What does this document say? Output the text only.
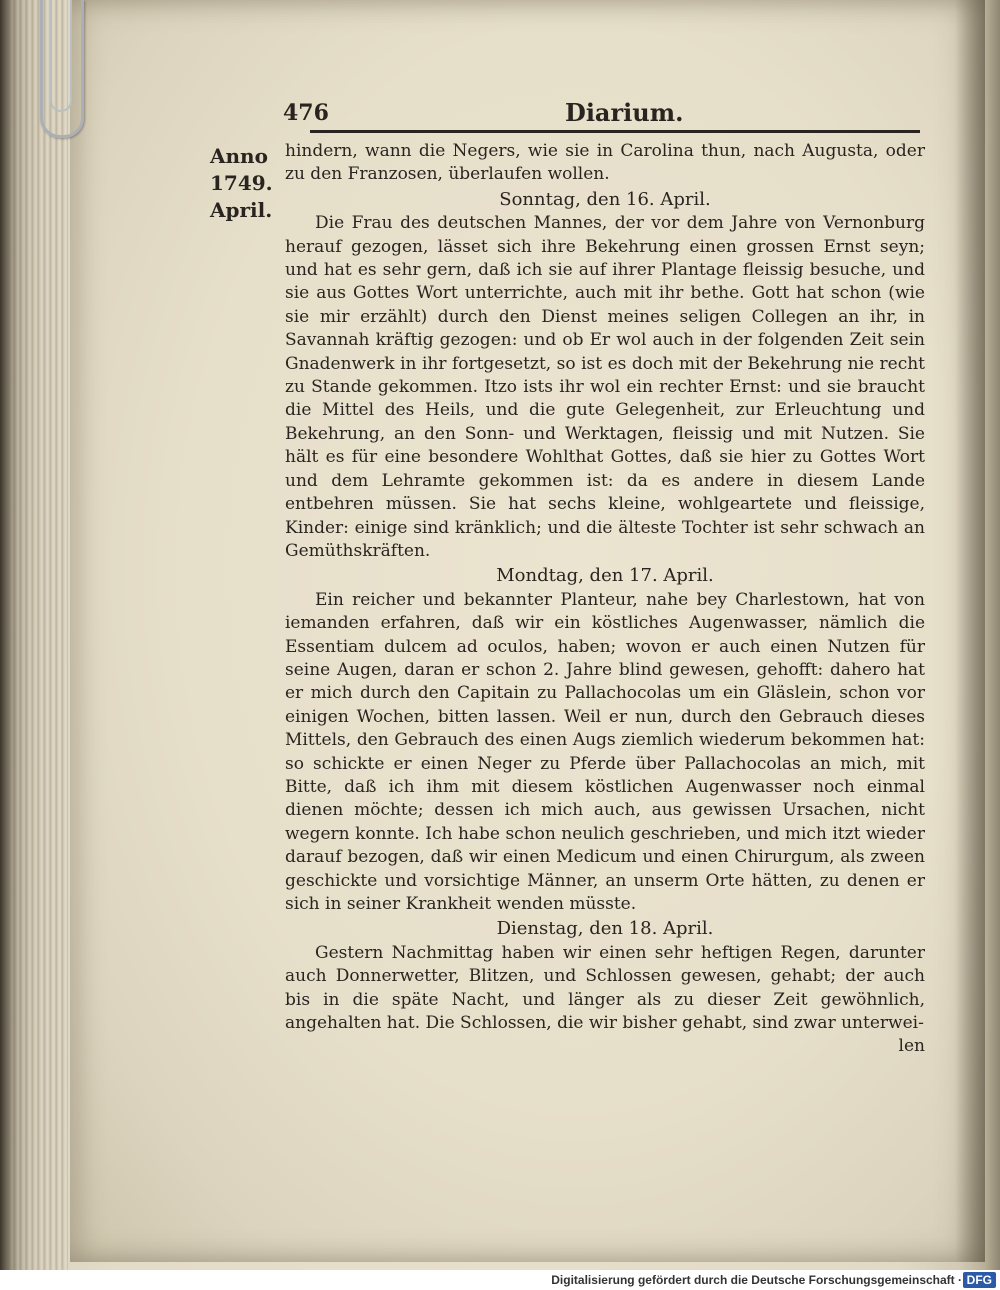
476	Diarium.
Anno
1749.
April.

hindern, wann die Negers, wie sie in Carolina thun, nach Augusta, oder zu den Franzosen, überlaufen wollen.

Sonntag, den 16. April.

Die Frau des deutschen Mannes, der vor dem Jahre von Vernonburg herauf gezogen, lässet sich ihre Bekehrung einen grossen Ernst seyn; und hat es sehr gern, daß ich sie auf ihrer Plantage fleissig besuche, und sie aus Gottes Wort unterrichte, auch mit ihr bethe. Gott hat schon (wie sie mir erzählt) durch den Dienst meines seligen Collegen an ihr, in Savannah kräftig gezogen: und ob Er wol auch in der folgenden Zeit sein Gnadenwerk in ihr fortgesetzt, so ist es doch mit der Bekehrung nie recht zu Stande gekommen. Itzo ists ihr wol ein rechter Ernst: und sie braucht die Mittel des Heils, und die gute Gelegenheit, zur Erleuchtung und Bekehrung, an den Sonn- und Werktagen, fleissig und mit Nutzen. Sie hält es für eine besondere Wohlthat Gottes, daß sie hier zu Gottes Wort und dem Lehramte gekommen ist: da es andere in diesem Lande entbehren müssen. Sie hat sechs kleine, wohlgeartete und fleissige, Kinder: einige sind kränklich; und die älteste Tochter ist sehr schwach an Gemüthskräften.

Mondtag, den 17. April.

Ein reicher und bekannter Planteur, nahe bey Charlestown, hat von iemanden erfahren, daß wir ein köstliches Augenwasser, nämlich die Essentiam dulcem ad oculos, haben; wovon er auch einen Nutzen für seine Augen, daran er schon 2. Jahre blind gewesen, gehofft: dahero hat er mich durch den Capitain zu Pallachocolas um ein Gläslein, schon vor einigen Wochen, bitten lassen. Weil er nun, durch den Gebrauch dieses Mittels, den Gebrauch des einen Augs ziemlich wiederum bekommen hat: so schickte er einen Neger zu Pferde über Pallachocolas an mich, mit Bitte, daß ich ihm mit diesem köstlichen Augenwasser noch einmal dienen möchte; dessen ich mich auch, aus gewissen Ursachen, nicht wegern konnte. Ich habe schon neulich geschrieben, und mich itzt wieder darauf bezogen, daß wir einen Medicum und einen Chirurgum, als zween geschickte und vorsichtige Männer, an unserm Orte hätten, zu denen er sich in seiner Krankheit wenden müsste.

Dienstag, den 18. April.

Gestern Nachmittag haben wir einen sehr heftigen Regen, darunter auch Donnerwetter, Blitzen, und Schlossen gewesen, gehabt; der auch bis in die späte Nacht, und länger als zu dieser Zeit gewöhnlich, angehalten hat. Die Schlossen, die wir bisher gehabt, sind zwar unterwei-

len

Digitalisierung gefördert durch die Deutsche Forschungsgemeinschaft · DFG
